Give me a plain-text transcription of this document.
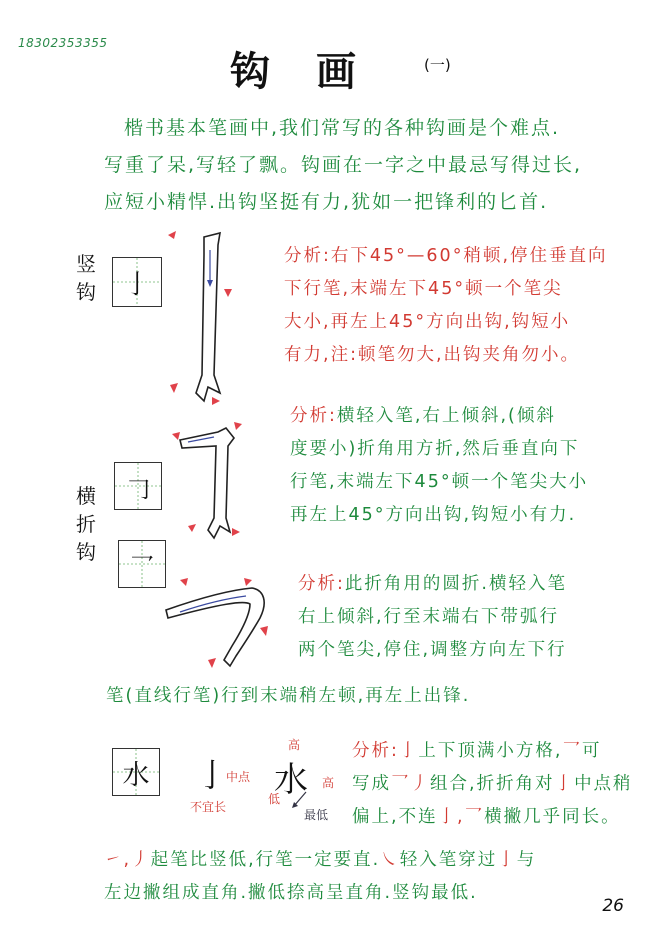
18302353355
钩画 (一)
楷书基本笔画中,我们常写的各种钩画是个难点.
写重了呆,写轻了飘。钩画在一字之中最忌写得过长,
应短小精悍.出钩坚挺有力,犹如一把锋利的匕首.
竖
钩	亅
分析:右下45°—60°稍顿,停住垂直向
下行笔,末端左下45°顿一个笔尖
大小,再左上45°方向出钩,钩短小
有力,注:顿笔勿大,出钩夹角勿小。
横
折
钩
𠃌
乛
分析:横轻入笔,右上倾斜,(倾斜
度要小)折角用方折,然后垂直向下
行笔,末端左下45°顿一个笔尖大小
再左上45°方向出钩,钩短小有力.
分析:此折角用的圆折.横轻入笔
右上倾斜,行至末端右下带弧行
两个笔尖,停住,调整方向左下行
笔(直线行笔)行到末端稍左顿,再左上出锋.
水 亅
中点
不宜长
水
高
高
低
最低
分析:亅上下顶满小方格,乛可
写成乛丿组合,折折角对亅中点稍
偏上,不连亅,乛横撇几乎同长。
㇀,丿起笔比竖低,行笔一定要直.㇏轻入笔穿过亅与
左边撇组成直角.撇低捺高呈直角.竖钩最低.
26
